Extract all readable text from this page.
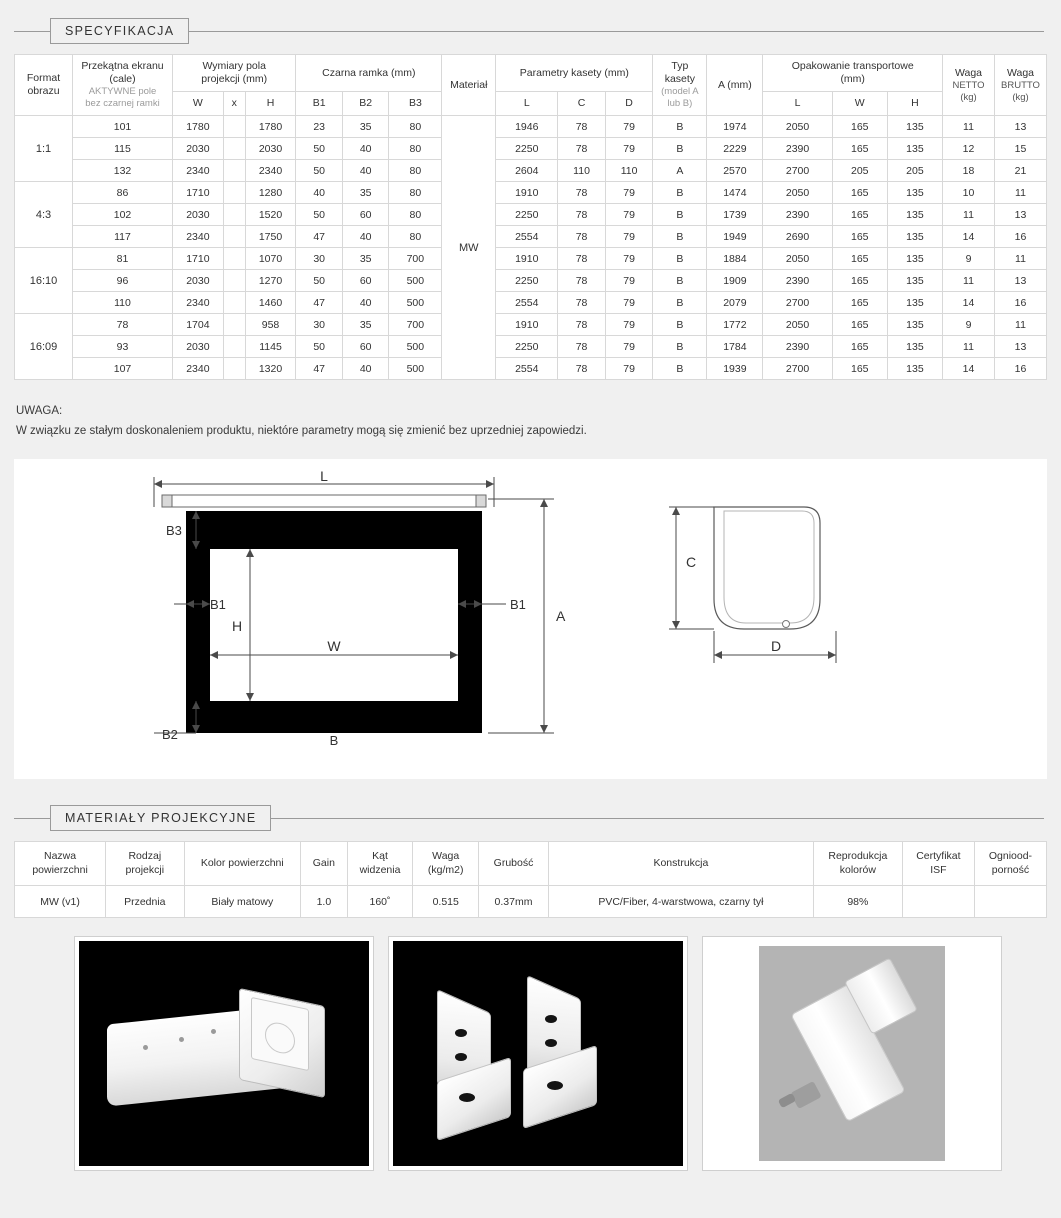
SPECYFIKACJA
Format
obrazu	Przekątna ekranu
(cale)
AKTYWNE pole
bez czarnej ramki	Wymiary pola
projekcji (mm)			Czarna ramka (mm)			Materiał	Parametry kasety (mm)			Typ
kasety
(model A
lub B)	A (mm)	Opakowanie transportowe
(mm)			Waga
NETTO
(kg)	Waga
BRUTTO
(kg)

		W	x	H	B1	B2	B3		L	C	D			L	W	H		
1:1	101	1780		1780	23	35	80	MW	1946	78	79	B	1974	2050	165	135	11	13
	115	2030		2030	50	40	80		2250	78	79	B	2229	2390	165	135	12	15
	132	2340		2340	50	40	80		2604	110	110	A	2570	2700	205	205	18	21
4:3	86	1710		1280	40	35	80		1910	78	79	B	1474	2050	165	135	10	11
	102	2030		1520	50	60	80		2250	78	79	B	1739	2390	165	135	11	13
	117	2340		1750	47	40	80		2554	78	79	B	1949	2690	165	135	14	16
16:10	81	1710		1070	30	35	700		1910	78	79	B	1884	2050	165	135	9	11
	96	2030		1270	50	60	500		2250	78	79	B	1909	2390	165	135	11	13
	110	2340		1460	47	40	500		2554	78	79	B	2079	2700	165	135	14	16
16:09	78	1704		958	30	35	700		1910	78	79	B	1772	2050	165	135	9	11
	93	2030		1145	50	60	500		2250	78	79	B	1784	2390	165	135	11	13
	107	2340		1320	47	40	500		2554	78	79	B	1939	2700	165	135	14	16
UWAGA:
W związku ze stałym doskonaleniem produktu, niektóre parametry mogą się zmienić bez uprzedniej zapowiedzi.
L
B3
B1	B1
W
H
B2	B
A
C
D
MATERIAŁY PROJEKCYJNE
Nazwa
powierzchni	Rodzaj
projekcji	Kolor powierzchni	Gain	Kąt
widzenia	Waga
(kg/m2)	Grubość	Konstrukcja	Reprodukcja
kolorów	Certyfikat
ISF	Ogniood-
porność
MW (v1)	Przednia	Biały matowy	1.0	160˚	0.515	0.37mm	PVC/Fiber, 4-warstwowa, czarny tył	98%		
